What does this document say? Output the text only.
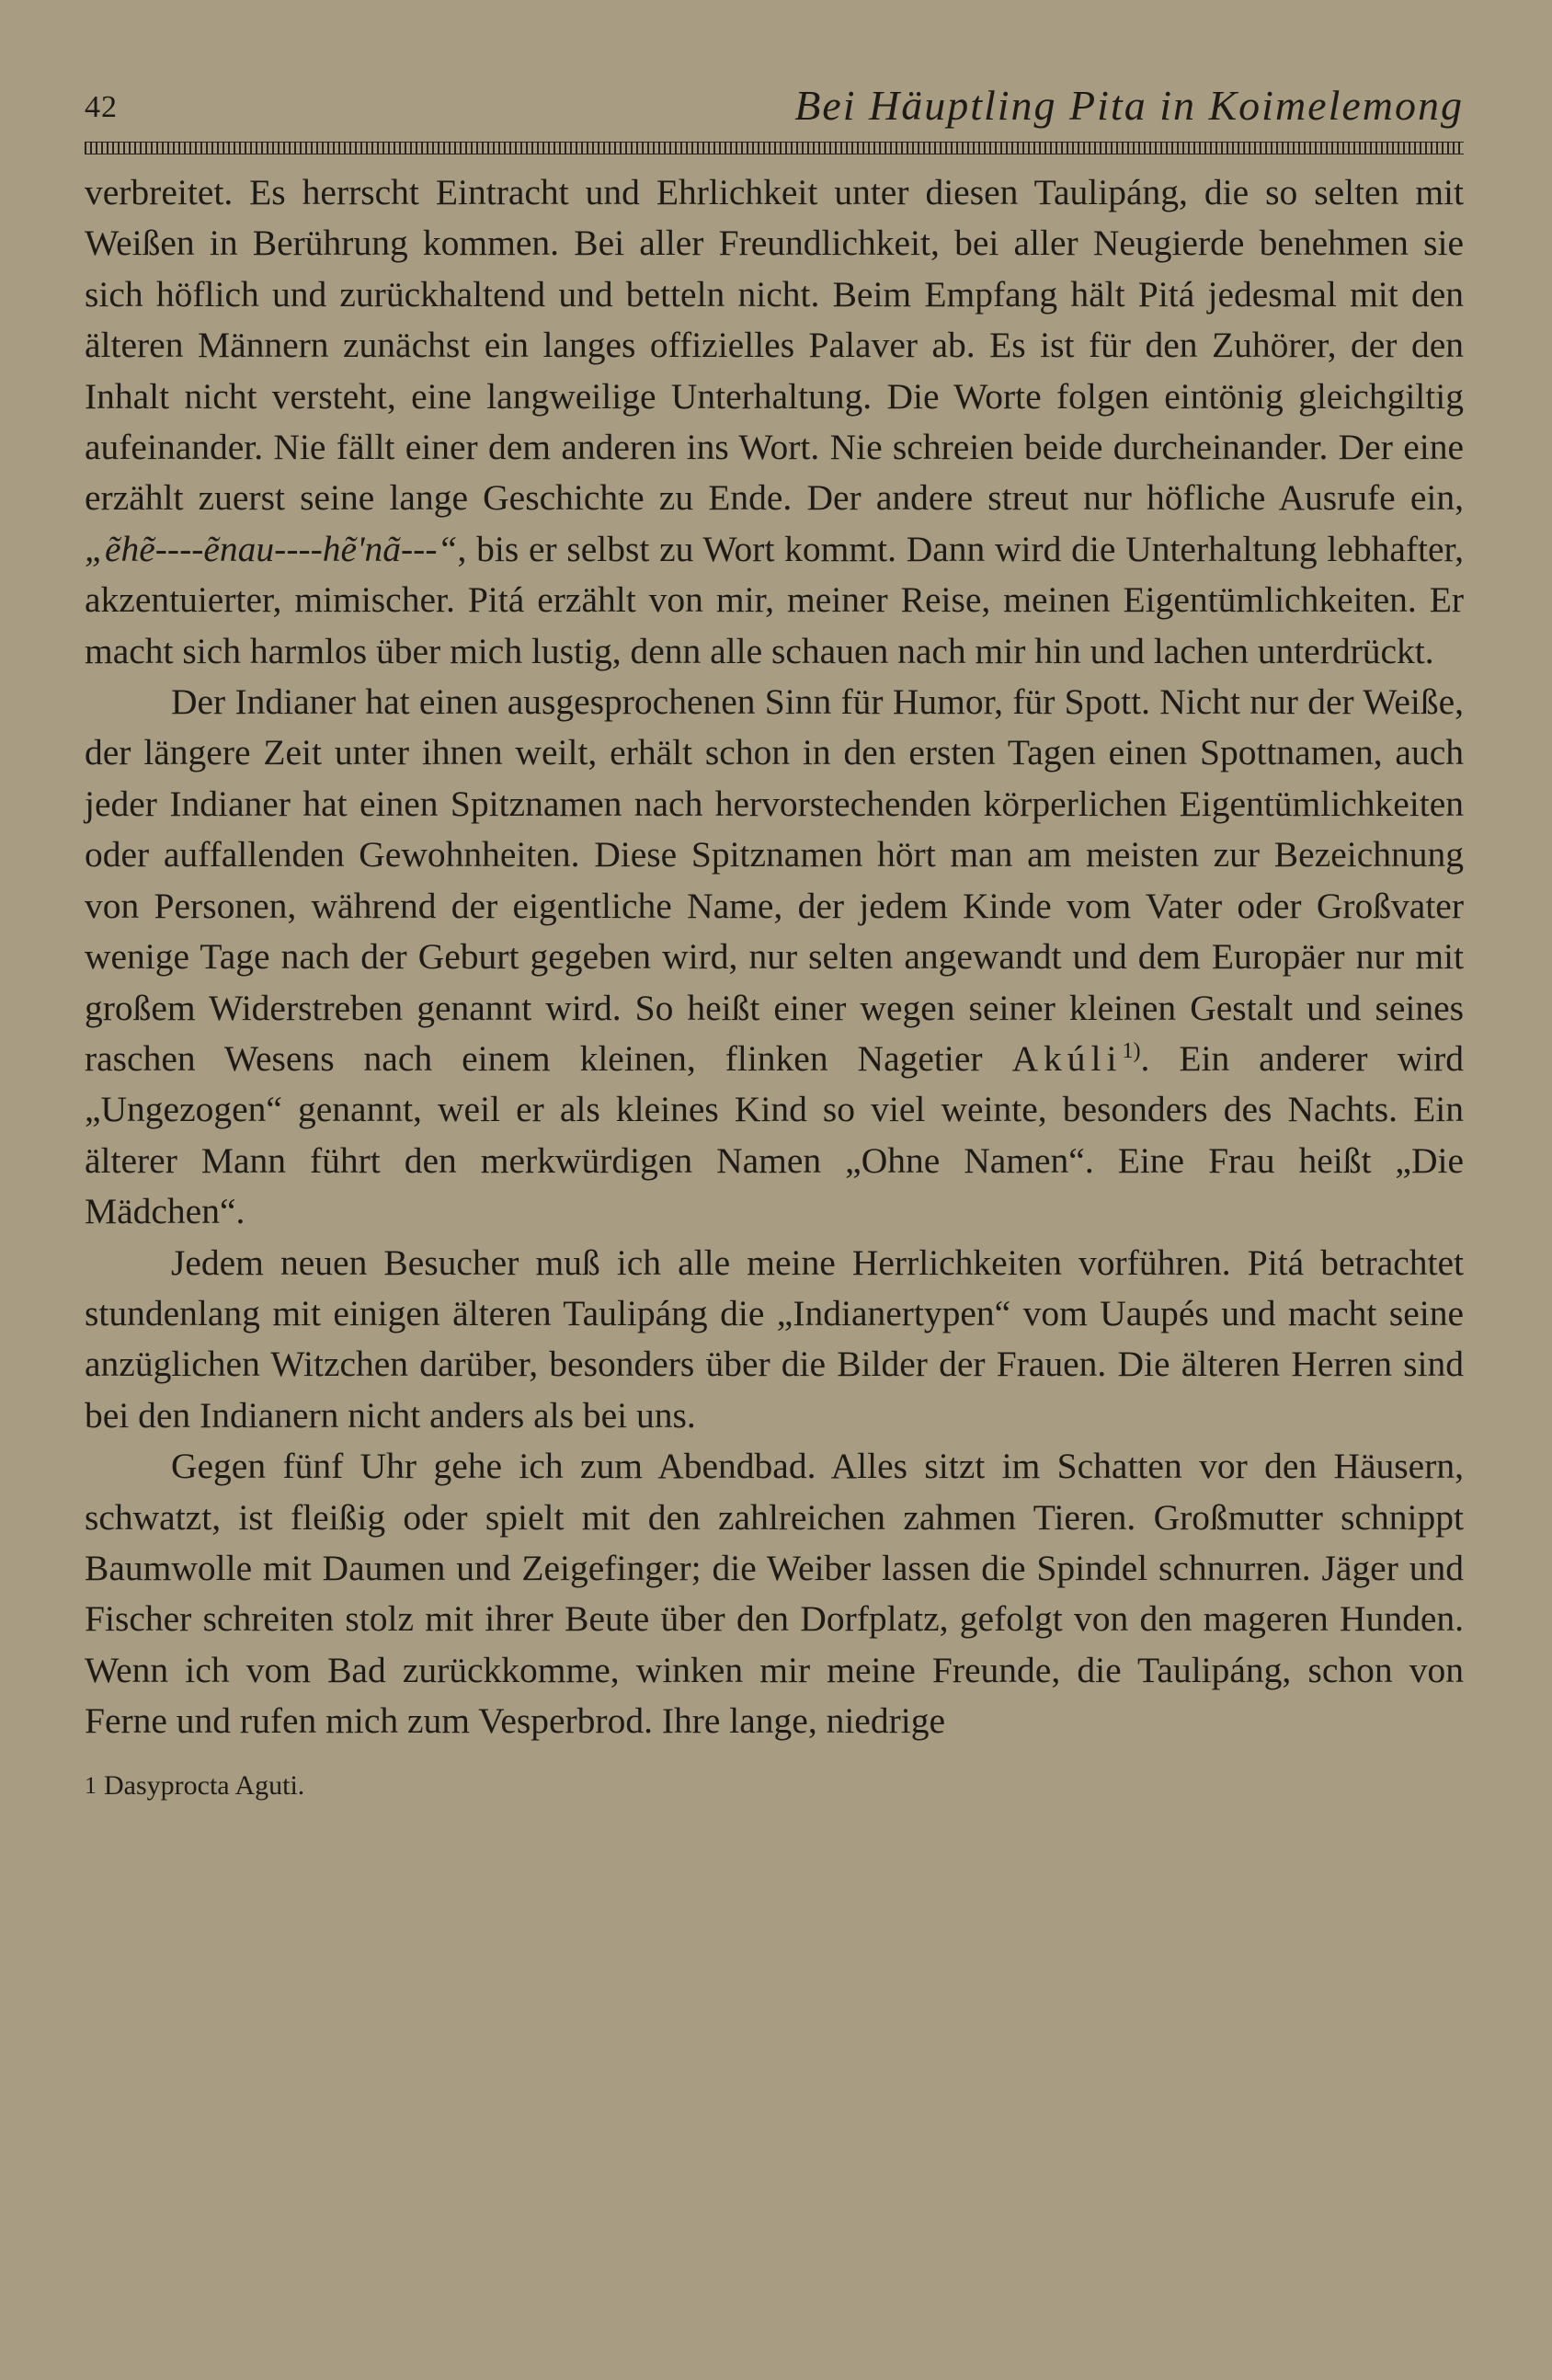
42	Bei Häuptling Pita in Koimelemong

verbreitet. Es herrscht Eintracht und Ehrlichkeit unter diesen Taulipáng, die so selten mit Weißen in Berührung kommen. Bei aller Freundlichkeit, bei aller Neugierde benehmen sie sich höflich und zurückhaltend und betteln nicht. Beim Empfang hält Pitá jedesmal mit den älteren Männern zunächst ein langes offizielles Palaver ab. Es ist für den Zuhörer, der den Inhalt nicht versteht, eine langweilige Unterhaltung. Die Worte folgen eintönig gleichgiltig aufeinander. Nie fällt einer dem anderen ins Wort. Nie schreien beide durcheinander. Der eine erzählt zuerst seine lange Geschichte zu Ende. Der andere streut nur höfliche Ausrufe ein, „ẽhẽ----ẽnau----hẽ'nã---“, bis er selbst zu Wort kommt. Dann wird die Unterhaltung lebhafter, akzentuierter, mimischer. Pitá erzählt von mir, meiner Reise, meinen Eigentümlichkeiten. Er macht sich harmlos über mich lustig, denn alle schauen nach mir hin und lachen unterdrückt.

Der Indianer hat einen ausgesprochenen Sinn für Humor, für Spott. Nicht nur der Weiße, der längere Zeit unter ihnen weilt, erhält schon in den ersten Tagen einen Spottnamen, auch jeder Indianer hat einen Spitznamen nach hervorstechenden körperlichen Eigentümlichkeiten oder auffallenden Gewohnheiten. Diese Spitznamen hört man am meisten zur Bezeichnung von Personen, während der eigentliche Name, der jedem Kinde vom Vater oder Großvater wenige Tage nach der Geburt gegeben wird, nur selten angewandt und dem Europäer nur mit großem Widerstreben genannt wird. So heißt einer wegen seiner kleinen Gestalt und seines raschen Wesens nach einem kleinen, flinken Nagetier Akúli$^{1)}$. Ein anderer wird „Ungezogen“ genannt, weil er als kleines Kind so viel weinte, besonders des Nachts. Ein älterer Mann führt den merkwürdigen Namen „Ohne Namen“. Eine Frau heißt „Die Mädchen“.

Jedem neuen Besucher muß ich alle meine Herrlichkeiten vorführen. Pitá betrachtet stundenlang mit einigen älteren Taulipáng die „Indianertypen“ vom Uaupés und macht seine anzüglichen Witzchen darüber, besonders über die Bilder der Frauen. Die älteren Herren sind bei den Indianern nicht anders als bei uns.

Gegen fünf Uhr gehe ich zum Abendbad. Alles sitzt im Schatten vor den Häusern, schwatzt, ist fleißig oder spielt mit den zahlreichen zahmen Tieren. Großmutter schnippt Baumwolle mit Daumen und Zeigefinger; die Weiber lassen die Spindel schnurren. Jäger und Fischer schreiten stolz mit ihrer Beute über den Dorfplatz, gefolgt von den mageren Hunden. Wenn ich vom Bad zurückkomme, winken mir meine Freunde, die Taulipáng, schon von Ferne und rufen mich zum Vesperbrod. Ihre lange, niedrige

1 Dasyprocta Aguti.
